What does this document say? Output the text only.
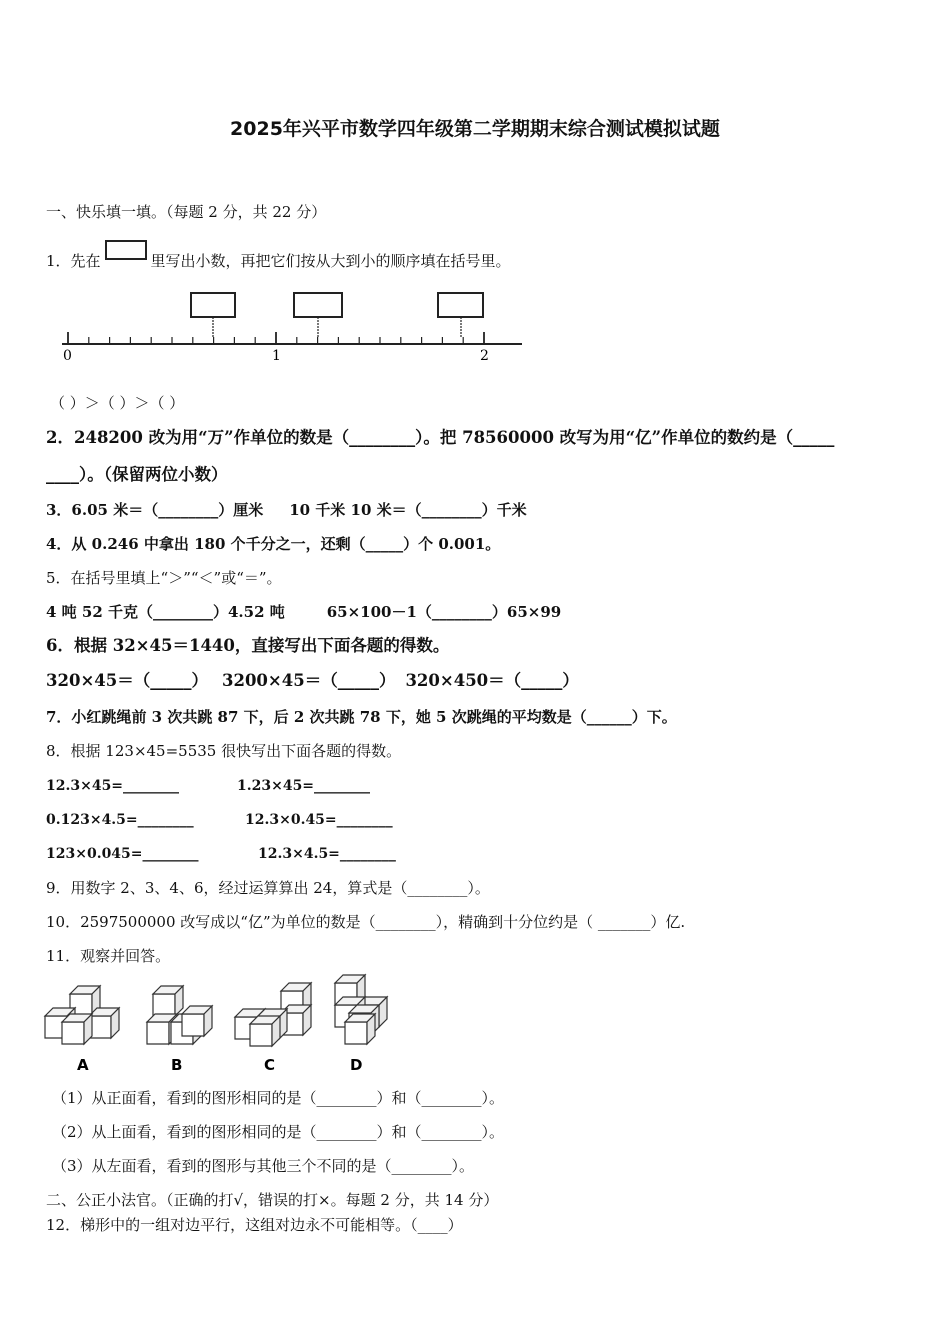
2025年兴平市数学四年级第二学期期末综合测试模拟试题
一、快乐填一填。（每题 2 分，共 22 分）
1．先在	里写出小数，再把它们按从大到小的顺序填在括号里。
0	1	2
（ ）＞（ ）＞（ ）
2．248200 改为用“万”作单位的数是（________）。把 78560000 改写为用“亿”作单位的数约是（_____
____）。（保留两位小数）
3．6.05 米＝（________）厘米 10 千米 10 米＝（________）千米
4．从 0.246 中拿出 180 个千分之一，还剩（_____）个 0.001。
5．在括号里填上“＞”“＜”或“＝”。
4 吨 52 千克（________）4.52 吨	65×100－1（________）65×99
6．根据 32×45＝1440，直接写出下面各题的得数。
320×45＝（_____） 3200×45＝（_____） 320×450＝（_____）
7．小红跳绳前 3 次共跳 87 下，后 2 次共跳 78 下，她 5 次跳绳的平均数是（______）下。
8．根据 123×45=5535 很快写出下面各题的得数。
12.3×45=________	1.23×45=________
0.123×4.5=________	12.3×0.45=________
123×0.045=________	12.3×4.5=________
9．用数字 2、3、4、6，经过运算算出 24，算式是（________）。
10．2597500000 改写成以“亿”为单位的数是（________），精确到十分位约是（ _______）亿.
11．观察并回答。
A	B	C	D
（1）从正面看，看到的图形相同的是（________）和（________）。
（2）从上面看，看到的图形相同的是（________）和（________）。
（3）从左面看，看到的图形与其他三个不同的是（________）。
二、公正小法官。（正确的打√，错误的打×。每题 2 分，共 14 分）
12．梯形中的一组对边平行，这组对边永不可能相等。（____）
